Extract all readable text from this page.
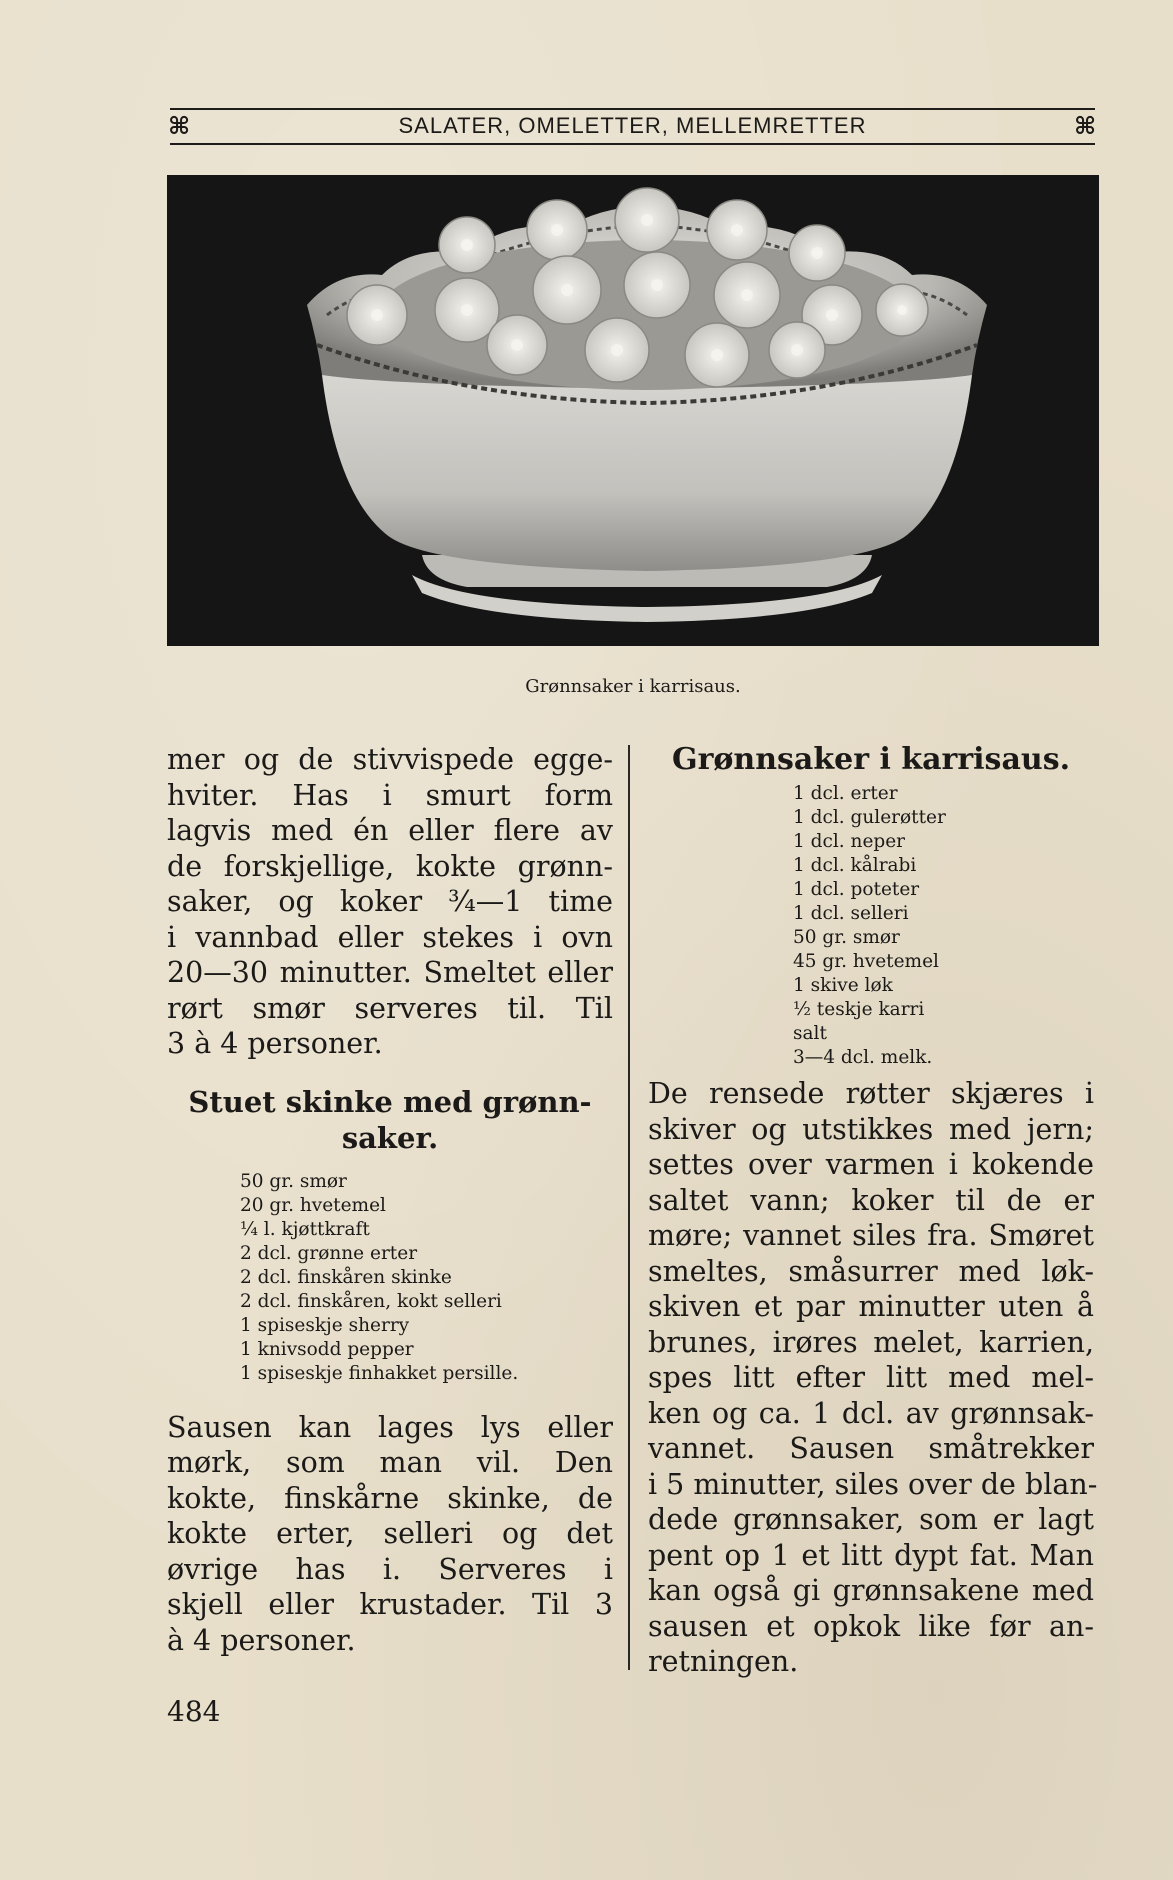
⌘	SALATER, OMELETTER, MELLEMRETTER	⌘
Grønnsaker i karrisaus.

mer og de stivvispede egge-
hviter. Has i smurt form
lagvis med én eller flere av
de forskjellige, kokte grønn-
saker, og koker ¾—1 time
i vannbad eller stekes i ovn
20—30 minutter. Smeltet eller
rørt smør serveres til. Til
3 à 4 personer.

Stuet skinke med grønn-
saker.
50 gr. smør
20 gr. hvetemel
¼ l. kjøttkraft
2 dcl. grønne erter
2 dcl. finskåren skinke
2 dcl. finskåren, kokt selleri
1 spiseskje sherry
1 knivsodd pepper
1 spiseskje finhakket persille.

Sausen kan lages lys eller
mørk, som man vil. Den
kokte, finskårne skinke, de
kokte erter, selleri og det
øvrige has i. Serveres i
skjell eller krustader. Til 3
à 4 personer.

Grønnsaker i karrisaus.
1 dcl. erter
1 dcl. gulerøtter
1 dcl. neper
1 dcl. kålrabi
1 dcl. poteter
1 dcl. selleri
50 gr. smør
45 gr. hvetemel
1 skive løk
½ teskje karri
salt
3—4 dcl. melk.

De rensede røtter skjæres i
skiver og utstikkes med jern;
settes over varmen i kokende
saltet vann; koker til de er
møre; vannet siles fra. Smøret
smeltes, småsurrer med løk-
skiven et par minutter uten å
brunes, irøres melet, karrien,
spes litt efter litt med mel-
ken og ca. 1 dcl. av grønnsak-
vannet. Sausen småtrekker
i 5 minutter, siles over de blan-
dede grønnsaker, som er lagt
pent op 1 et litt dypt fat. Man
kan også gi grønnsakene med
sausen et opkok like før an-
retningen.

484
